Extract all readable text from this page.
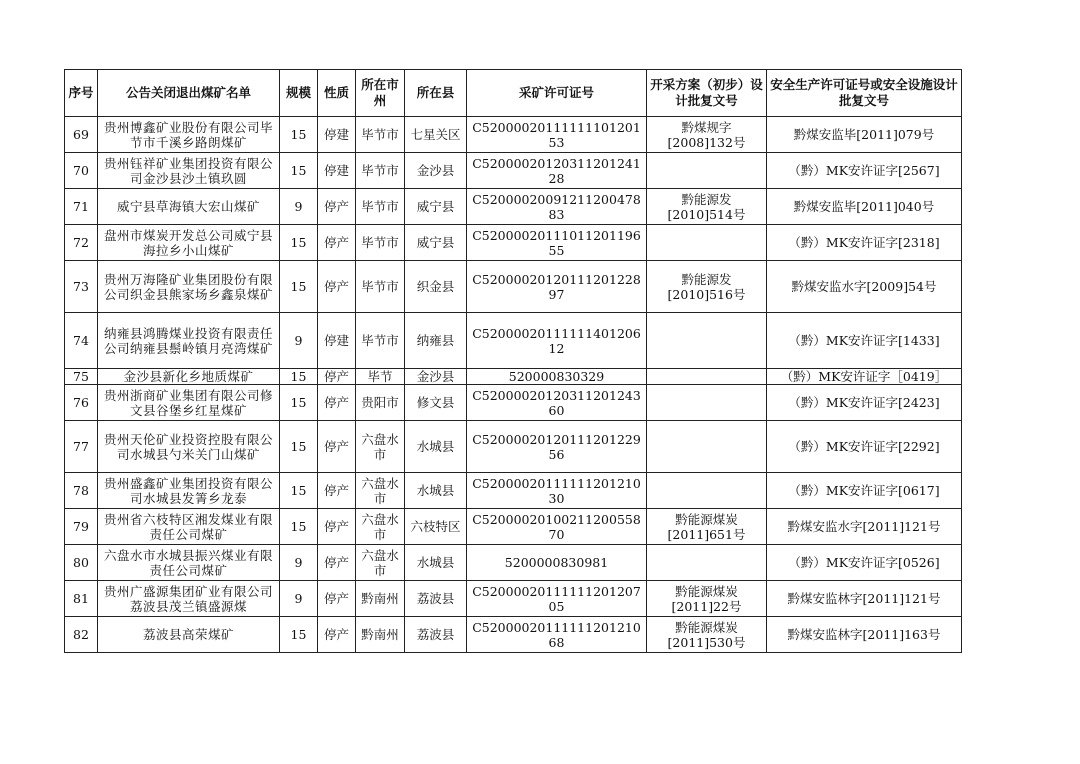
序号	公告关闭退出煤矿名单	规模	性质	所在市州	所在县	采矿许可证号	开采方案（初步）设计批复文号	安全生产许可证号或安全设施设计批复文号

69	贵州博鑫矿业股份有限公司毕节市千溪乡路朗煤矿	15	停建	毕节市	七星关区	C5200002011111110120153	黔煤规字[2008]132号	黔煤安监毕[2011]079号

70	贵州钰祥矿业集团投资有限公司金沙县沙土镇玖圆	15	停建	毕节市	金沙县	C5200002012031120124128		（黔）MK安许证字[2567]

71	威宁县草海镇大宏山煤矿	9	停产	毕节市	威宁县	C5200002009121120047883	黔能源发[2010]514号	黔煤安监毕[2011]040号

72	盘州市煤炭开发总公司威宁县海拉乡小山煤矿	15	停产	毕节市	威宁县	C5200002011101120119655		（黔）MK安许证字[2318]

73	贵州万海隆矿业集团股份有限公司织金县熊家场乡鑫泉煤矿	15	停产	毕节市	织金县	C5200002012011120122897	黔能源发[2010]516号	黔煤安监水字[2009]54号

74	纳雍县鸿腾煤业投资有限责任公司纳雍县鬃岭镇月亮湾煤矿	9	停建	毕节市	纳雍县	C5200002011111140120612		（黔）MK安许证字[1433]

75	金沙县新化乡地质煤矿	15	停产	毕节	金沙县	520000830329		（黔）MK安许证字［0419］

76	贵州浙商矿业集团有限公司修文县谷堡乡红星煤矿	15	停产	贵阳市	修文县	C5200002012031120124360		（黔）MK安许证字[2423]

77	贵州天伦矿业投资控股有限公司水城县勺米关门山煤矿	15	停产	六盘水市	水城县	C5200002012011120122956		（黔）MK安许证字[2292]

78	贵州盛鑫矿业集团投资有限公司水城县发箐乡龙泰	15	停产	六盘水市	水城县	C5200002011111120121030		（黔）MK安许证字[0617]

79	贵州省六枝特区湘发煤业有限责任公司煤矿	15	停产	六盘水市	六枝特区	C5200002010021120055870	黔能源煤炭[2011]651号	黔煤安监水字[2011]121号

80	六盘水市水城县振兴煤业有限责任公司煤矿	9	停产	六盘水市	水城县	5200000830981		（黔）MK安许证字[0526]

81	贵州广盛源集团矿业有限公司荔波县茂兰镇盛源煤	9	停产	黔南州	荔波县	C5200002011111120120705	黔能源煤炭[2011]22号	黔煤安监林字[2011]121号

82	荔波县高荣煤矿	15	停产	黔南州	荔波县	C5200002011111120121068	黔能源煤炭[2011]530号	黔煤安监林字[2011]163号
